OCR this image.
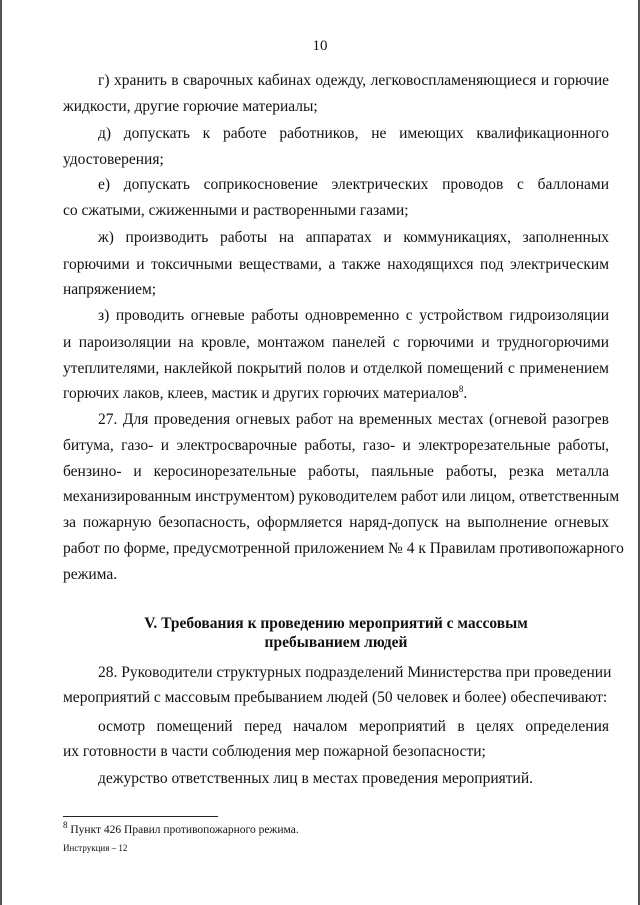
10
г) хранить в сварочных кабинах одежду, легковоспламеняющиеся и горючие
жидкости, другие горючие материалы;
д) допускать к работе работников, не имеющих квалификационного
удостоверения;
е) допускать соприкосновение электрических проводов с баллонами
со сжатыми, сжиженными и растворенными газами;
ж) производить работы на аппаратах и коммуникациях, заполненных
горючими и токсичными веществами, а также находящихся под электрическим
напряжением;
з) проводить огневые работы одновременно с устройством гидроизоляции
и пароизоляции на кровле, монтажом панелей с горючими и трудногорючими
утеплителями, наклейкой покрытий полов и отделкой помещений с применением
горючих лаков, клеев, мастик и других горючих материалов$^8$.
27. Для проведения огневых работ на временных местах (огневой разогрев
битума, газо- и электросварочные работы, газо- и электрорезательные работы,
бензино- и керосинорезательные работы, паяльные работы, резка металла
механизированным инструментом) руководителем работ или лицом, ответственным
за пожарную безопасность, оформляется наряд-допуск на выполнение огневых
работ по форме, предусмотренной приложением № 4 к Правилам противопожарного
режима.
V. Требования к проведению мероприятий с массовым
пребыванием людей
28. Руководители структурных подразделений Министерства при проведении
мероприятий с массовым пребыванием людей (50 человек и более) обеспечивают:
осмотр помещений перед началом мероприятий в целях определения
их готовности в части соблюдения мер пожарной безопасности;
дежурство ответственных лиц в местах проведения мероприятий.
$^8$ Пункт 426 Правил противопожарного режима.
Инструкция – 12
